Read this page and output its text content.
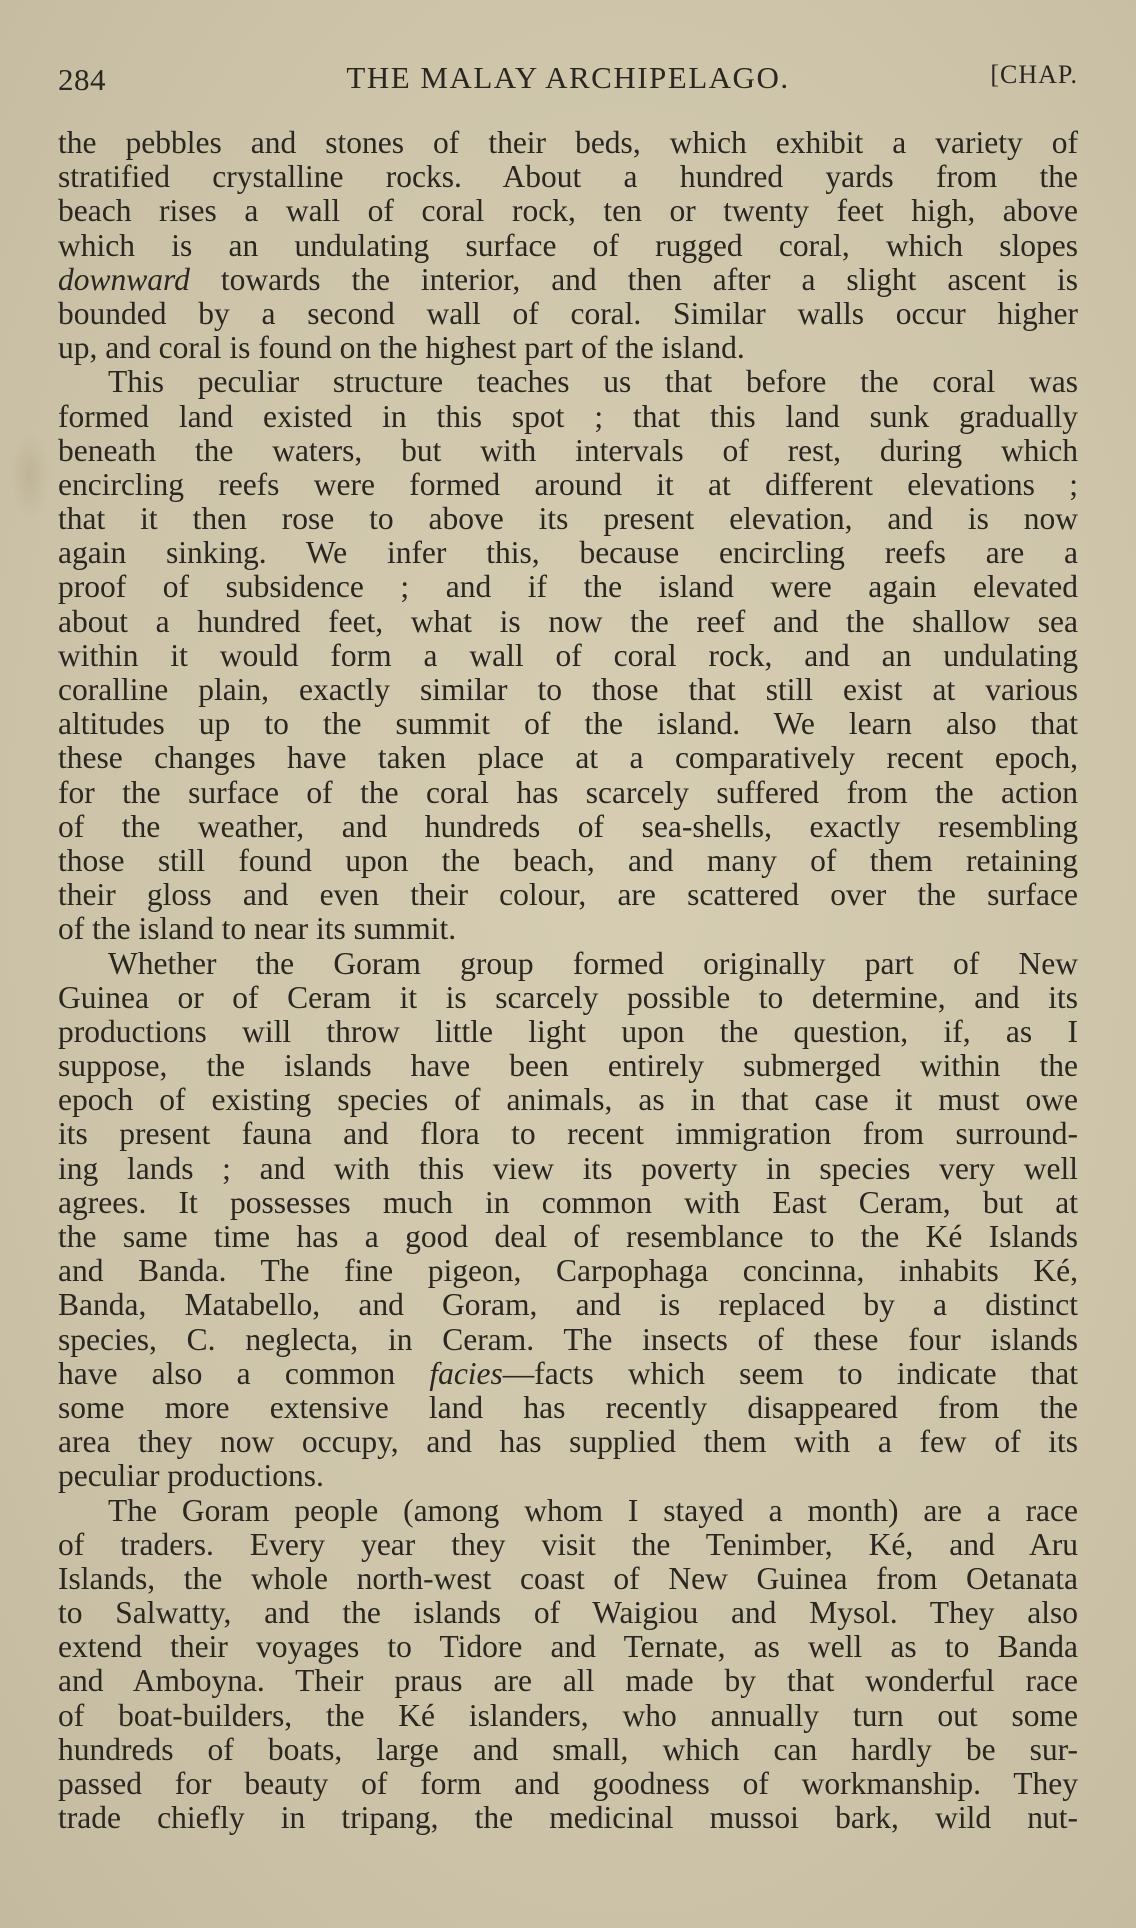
284	THE MALAY ARCHIPELAGO.	[CHAP.
the pebbles and stones of their beds, which exhibit a variety of
stratified crystalline rocks. About a hundred yards from the
beach rises a wall of coral rock, ten or twenty feet high, above
which is an undulating surface of rugged coral, which slopes
downward towards the interior, and then after a slight ascent is
bounded by a second wall of coral. Similar walls occur higher
up, and coral is found on the highest part of the island.
This peculiar structure teaches us that before the coral was
formed land existed in this spot ; that this land sunk gradually
beneath the waters, but with intervals of rest, during which
encircling reefs were formed around it at different elevations ;
that it then rose to above its present elevation, and is now
again sinking. We infer this, because encircling reefs are a
proof of subsidence ; and if the island were again elevated
about a hundred feet, what is now the reef and the shallow sea
within it would form a wall of coral rock, and an undulating
coralline plain, exactly similar to those that still exist at various
altitudes up to the summit of the island. We learn also that
these changes have taken place at a comparatively recent epoch,
for the surface of the coral has scarcely suffered from the action
of the weather, and hundreds of sea-shells, exactly resembling
those still found upon the beach, and many of them retaining
their gloss and even their colour, are scattered over the surface
of the island to near its summit.
Whether the Goram group formed originally part of New
Guinea or of Ceram it is scarcely possible to determine, and its
productions will throw little light upon the question, if, as I
suppose, the islands have been entirely submerged within the
epoch of existing species of animals, as in that case it must owe
its present fauna and flora to recent immigration from surround-
ing lands ; and with this view its poverty in species very well
agrees. It possesses much in common with East Ceram, but at
the same time has a good deal of resemblance to the Ké Islands
and Banda. The fine pigeon, Carpophaga concinna, inhabits Ké,
Banda, Matabello, and Goram, and is replaced by a distinct
species, C. neglecta, in Ceram. The insects of these four islands
have also a common facies—facts which seem to indicate that
some more extensive land has recently disappeared from the
area they now occupy, and has supplied them with a few of its
peculiar productions.
The Goram people (among whom I stayed a month) are a race
of traders. Every year they visit the Tenimber, Ké, and Aru
Islands, the whole north-west coast of New Guinea from Oetanata
to Salwatty, and the islands of Waigiou and Mysol. They also
extend their voyages to Tidore and Ternate, as well as to Banda
and Amboyna. Their praus are all made by that wonderful race
of boat-builders, the Ké islanders, who annually turn out some
hundreds of boats, large and small, which can hardly be sur-
passed for beauty of form and goodness of workmanship. They
trade chiefly in tripang, the medicinal mussoi bark, wild nut-
